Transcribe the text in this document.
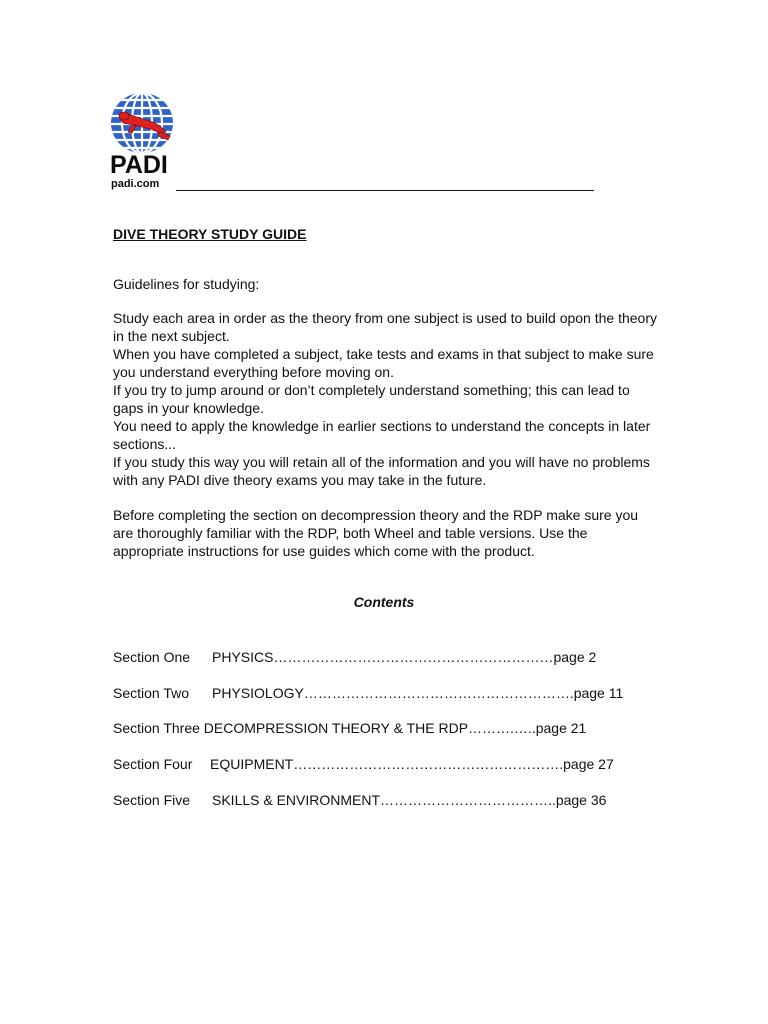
PADI
padi.com
DIVE THEORY STUDY GUIDE

Guidelines for studying:

Study each area in order as the theory from one subject is used to build opon the theory in the next subject.

When you have completed a subject, take tests and exams in that subject to make sure you understand everything before moving on.

If you try to jump around or don’t completely understand something; this can lead to gaps in your knowledge.

You need to apply the knowledge in earlier sections to understand the concepts in later sections...

If you study this way you will retain all of the information and you will have no problems with any PADI dive theory exams you may take in the future.

Before completing the section on decompression theory and the RDP make sure you are thoroughly familiar with the RDP, both Wheel and table versions. Use the appropriate instructions for use guides which come with the product.

Contents
Section One PHYSICS……………………………………………………page 2
Section Two PHYSIOLOGY………………………………………………….page 11
Section Three DECOMPRESSION THEORY & THE RDP……….…..page 21
Section Four EQUIPMENT………………………………………………….page 27
Section Five SKILLS & ENVIRONMENT………………………………..page 36
